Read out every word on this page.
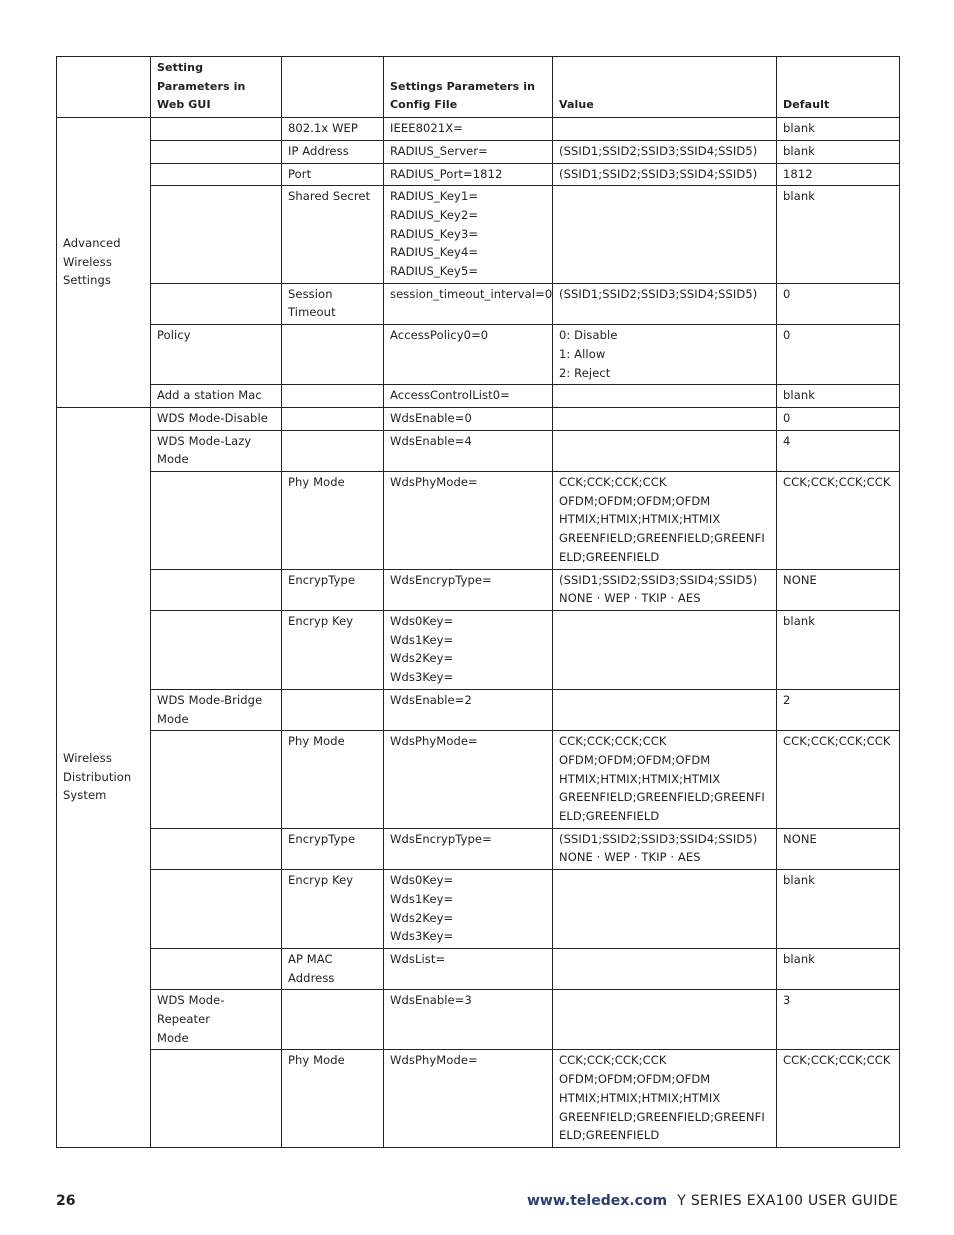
	Setting Parameters in Web GUI		Settings Parameters in Config File	Value	Default
Advanced Wireless Settings		802.1x WEP	IEEE8021X=		blank
		IP Address	RADIUS_Server=	(SSID1;SSID2;SSID3;SSID4;SSID5)	blank
		Port	RADIUS_Port=1812	(SSID1;SSID2;SSID3;SSID4;SSID5)	1812
		Shared Secret	RADIUS_Key1=
RADIUS_Key2=
RADIUS_Key3=
RADIUS_Key4=
RADIUS_Key5=		blank

		Session
Timeout	session_timeout_interval=0	(SSID1;SSID2;SSID3;SSID4;SSID5)	0
	Policy		AccessPolicy0=0	0: Disable
1: Allow
2: Reject	0
	Add a station Mac		AccessControlList0=		blank
Wireless Distribution System	WDS Mode-Disable		WdsEnable=0		0

	WDS Mode-Lazy
Mode		WdsEnable=4		4
		Phy Mode	WdsPhyMode=	CCK;CCK;CCK;CCK
OFDM;OFDM;OFDM;OFDM
HTMIX;HTMIX;HTMIX;HTMIX
GREENFIELD;GREENFIELD;GREENFI
ELD;GREENFIELD	CCK;CCK;CCK;CCK
		EncrypType	WdsEncrypType=	(SSID1;SSID2;SSID3;SSID4;SSID5)
NONE · WEP · TKIP · AES	NONE
		Encryp Key	Wds0Key=
Wds1Key=
Wds2Key=
Wds3Key=		blank

	WDS Mode-Bridge
Mode		WdsEnable=2		2
		Phy Mode	WdsPhyMode=	CCK;CCK;CCK;CCK
OFDM;OFDM;OFDM;OFDM
HTMIX;HTMIX;HTMIX;HTMIX
GREENFIELD;GREENFIELD;GREENFI
ELD;GREENFIELD	CCK;CCK;CCK;CCK
		EncrypType	WdsEncrypType=	(SSID1;SSID2;SSID3;SSID4;SSID5)
NONE · WEP · TKIP · AES	NONE
		Encryp Key	Wds0Key=
Wds1Key=
Wds2Key=
Wds3Key=		blank

		AP MAC
Address	WdsList=		blank

	WDS Mode-Repeater
Mode		WdsEnable=3		3
		Phy Mode	WdsPhyMode=	CCK;CCK;CCK;CCK
OFDM;OFDM;OFDM;OFDM
HTMIX;HTMIX;HTMIX;HTMIX
GREENFIELD;GREENFIELD;GREENFI
ELD;GREENFIELD	CCK;CCK;CCK;CCK
26	www.teledex.com Y SERIES EXA100 USER GUIDE
